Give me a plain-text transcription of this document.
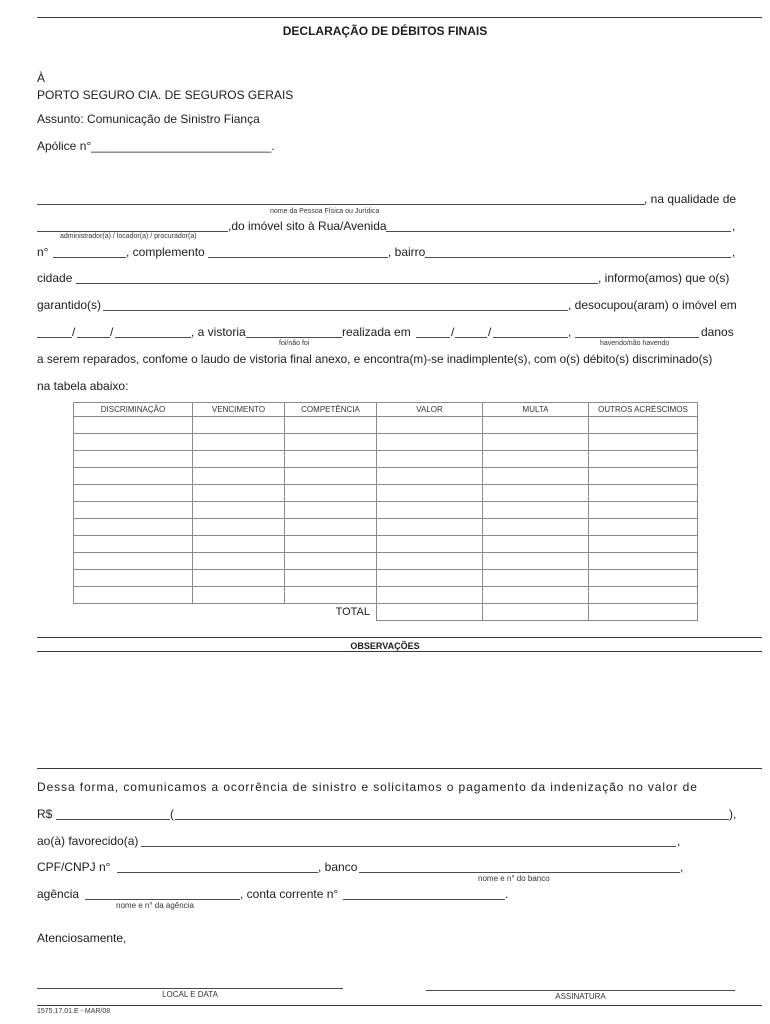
DECLARAÇÃO DE DÉBITOS FINAIS
À
PORTO SEGURO CIA. DE SEGUROS GERAIS
Assunto: Comunicação de Sinistro Fiança
Apólice n°___________________________.
, na qualidade de
nome da Pessoa Física ou Jurídica
,do imóvel sito à Rua/Avenida	,
administrador(a) / locador(a) / procurador(a)
n°	, complemento	, bairro	,
cidade	, informo(amos) que o(s)
garantido(s)	, desocupou(aram) o imóvel em
/	/	, a vistoria
foi/não foi
realizada em	/	/	,
havendo/não havendo
danos
a serem reparados, confome o laudo de vistoria final anexo, e encontra(m)-se inadimplente(s), com o(s) débito(s) discriminado(s)
na tabela abaixo:
DISCRIMINAÇÃO	VENCIMENTO	COMPETÊNCIA	VALOR	MULTA	OUTROS ACRÉSCIMOS

TOTAL					
OBSERVAÇÕES
Dessa forma, comunicamos a ocorrência de sinistro e solicitamos o pagamento da indenização no valor de
R$	(	),
ao(à) favorecido(a)	,
CPF/CNPJ n°	, banco	,
nome e n° do banco
agência	, conta corrente n°	.
nome e n° da agência
Atenciosamente,
LOCAL E DATA	ASSINATURA
1575.17.01.E - MAR/08
